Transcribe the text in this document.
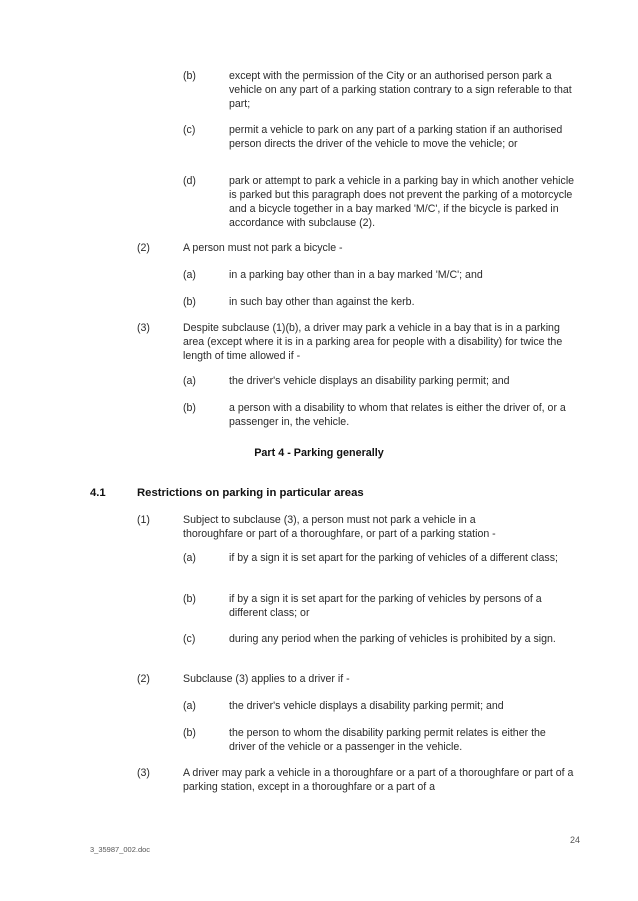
(b)	except with the permission of the City or an authorised person park a vehicle on any part of a parking station contrary to a sign referable to that part;
(c)	permit a vehicle to park on any part of a parking station if an authorised person directs the driver of the vehicle to move the vehicle; or
(d)	park or attempt to park a vehicle in a parking bay in which another vehicle is parked but this paragraph does not prevent the parking of a motorcycle and a bicycle together in a bay marked 'M/C', if the bicycle is parked in accordance with subclause (2).
(2)	A person must not park a bicycle -
(a)	in a parking bay other than in a bay marked 'M/C'; and
(b)	in such bay other than against the kerb.
(3)	Despite subclause (1)(b), a driver may park a vehicle in a bay that is in a parking area (except where it is in a parking area for people with a disability) for twice the length of time allowed if -
(a)	the driver's vehicle displays an disability parking permit; and
(b)	a person with a disability to whom that relates is either the driver of, or a passenger in, the vehicle.
Part 4 - Parking generally
4.1	Restrictions on parking in particular areas
(1)	Subject to subclause (3), a person must not park a vehicle in a thoroughfare or part of a thoroughfare, or part of a parking station -
(a)	if by a sign it is set apart for the parking of vehicles of a different class;
(b)	if by a sign it is set apart for the parking of vehicles by persons of a different class; or
(c)	during any period when the parking of vehicles is prohibited by a sign.
(2)	Subclause (3) applies to a driver if -
(a)	the driver's vehicle displays a disability parking permit; and
(b)	the person to whom the disability parking permit relates is either the driver of the vehicle or a passenger in the vehicle.
(3)	A driver may park a vehicle in a thoroughfare or a part of a thoroughfare or part of a parking station, except in a thoroughfare or a part of a
24
3_35987_002.doc
